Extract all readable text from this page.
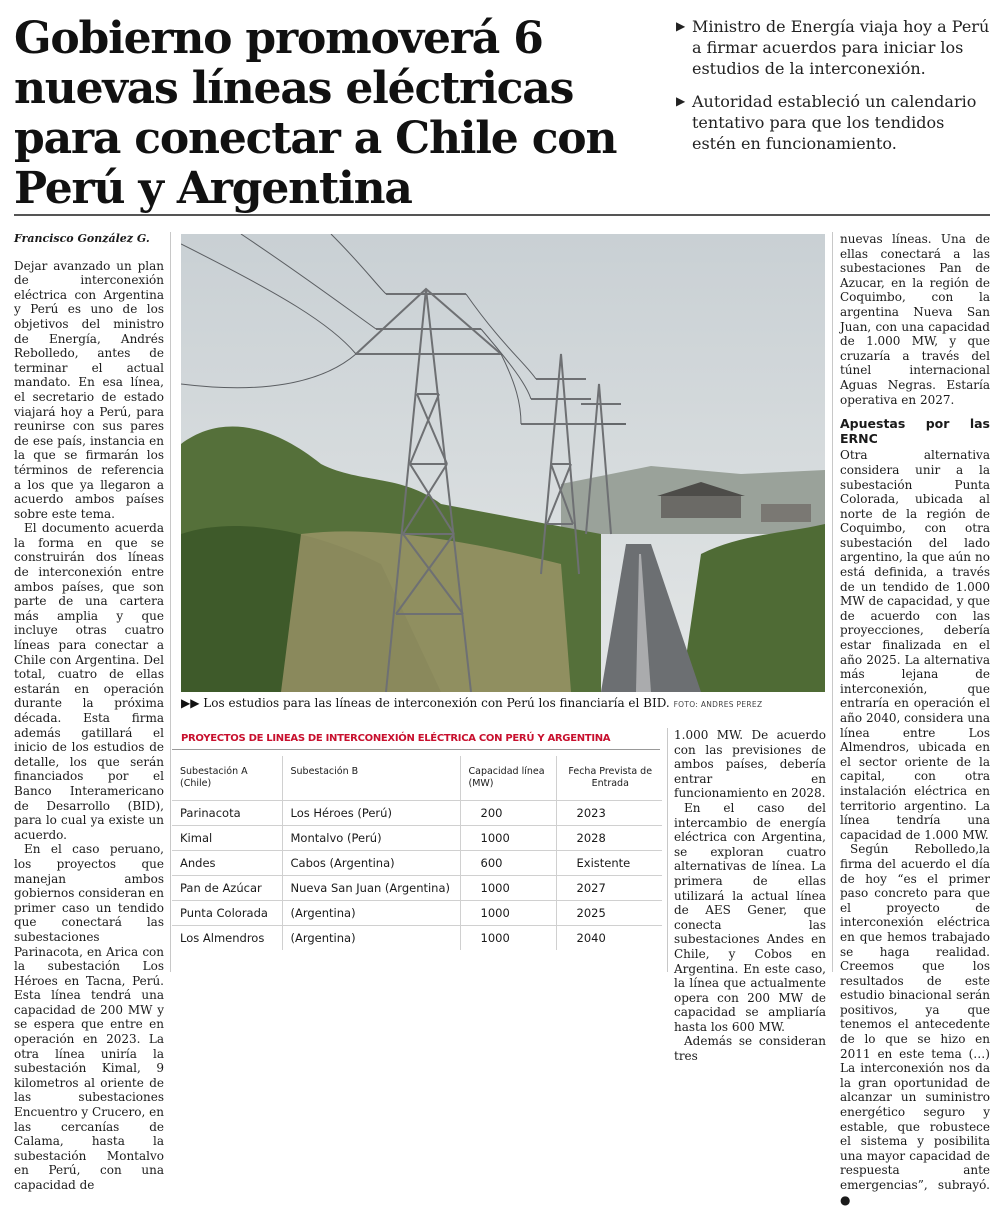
Gobierno promoverá 6 nuevas líneas eléctricas para conectar a Chile con Perú y Argentina
▶ Ministro de Energía viaja hoy a Perú a firmar acuerdos para iniciar los estudios de la interconexión.
▶ Autoridad estableció un calendario tentativo para que los tendidos estén en funcionamiento.
Francisco González G.

Dejar avanzado un plan de interconexión eléctrica con Argentina y Perú es uno de los objetivos del ministro de Energía, Andrés Rebolledo, antes de terminar el actual mandato. En esa línea, el secretario de estado viajará hoy a Perú, para reunirse con sus pares de ese país, instancia en la que se firmarán los términos de referencia a los que ya llegaron a acuerdo ambos países sobre este tema.

El documento acuerda la forma en que se construirán dos líneas de interconexión entre ambos países, que son parte de una cartera más amplia y que incluye otras cuatro líneas para conectar a Chile con Argentina. Del total, cuatro de ellas estarán en operación durante la próxima década. Esta firma además gatillará el inicio de los estudios de detalle, los que serán financiados por el Banco Interamericano de Desarrollo (BID), para lo cual ya existe un acuerdo.

En el caso peruano, los proyectos que manejan ambos gobiernos consideran en primer caso un tendido que conectará las subestaciones Parinacota, en Arica con la subestación Los Héroes en Tacna, Perú. Esta línea tendrá una capacidad de 200 MW y se espera que entre en operación en 2023. La otra línea uniría la subestación Kimal, 9 kilometros al oriente de las subestaciones Encuentro y Crucero, en las cercanías de Calama, hasta la subestación Montalvo en Perú, con una capacidad de

▶▶ Los estudios para las líneas de interconexión con Perú los financiaría el BID. FOTO: ANDRES PEREZ
PROYECTOS DE LINEAS DE INTERCONEXIÓN ELÉCTRICA CON PERÚ Y ARGENTINA
Subestación A (Chile)	Subestación B	Capacidad línea (MW)	Fecha Prevista de Entrada
Parinacota	Los Héroes (Perú)	200	2023
Kimal	Montalvo (Perú)	1000	2028
Andes	Cabos (Argentina)	600	Existente
Pan de Azúcar	Nueva San Juan (Argentina)	1000	2027
Punta Colorada	(Argentina)	1000	2025
Los Almendros	(Argentina)	1000	2040

1.000 MW. De acuerdo con las previsiones de ambos países, debería entrar en funcionamiento en 2028.

En el caso del intercambio de energía eléctrica con Argentina, se exploran cuatro alternativas de línea. La primera de ellas utilizará la actual línea de AES Gener, que conecta las subestaciones Andes en Chile, y Cobos en Argentina. En este caso, la línea que actualmente opera con 200 MW de capacidad se ampliaría hasta los 600 MW.

Además se consideran tres

nuevas líneas. Una de ellas conectará a las subestaciones Pan de Azucar, en la región de Coquimbo, con la argentina Nueva San Juan, con una capacidad de 1.000 MW, y que cruzaría a través del túnel internacional Aguas Negras. Estaría operativa en 2027.

Apuestas por las ERNC

Otra alternativa considera unir a la subestación Punta Colorada, ubicada al norte de la región de Coquimbo, con otra subestación del lado argentino, la que aún no está definida, a través de un tendido de 1.000 MW de capacidad, y que de acuerdo con las proyecciones, debería estar finalizada en el año 2025. La alternativa más lejana de interconexión, que entraría en operación el año 2040, considera una línea entre Los Almendros, ubicada en el sector oriente de la capital, con otra instalación eléctrica en territorio argentino. La línea tendría una capacidad de 1.000 MW.

Según Rebolledo,la firma del acuerdo el día de hoy “es el primer paso concreto para que el proyecto de interconexión eléctrica en que hemos trabajado se haga realidad. Creemos que los resultados de este estudio binacional serán positivos, ya que tenemos el antecedente de lo que se hizo en 2011 en este tema (…) La interconexión nos da la gran oportunidad de alcanzar un suministro energético seguro y estable, que robustece el sistema y posibilita una mayor capacidad de respuesta ante emergencias”, subrayó. ●
